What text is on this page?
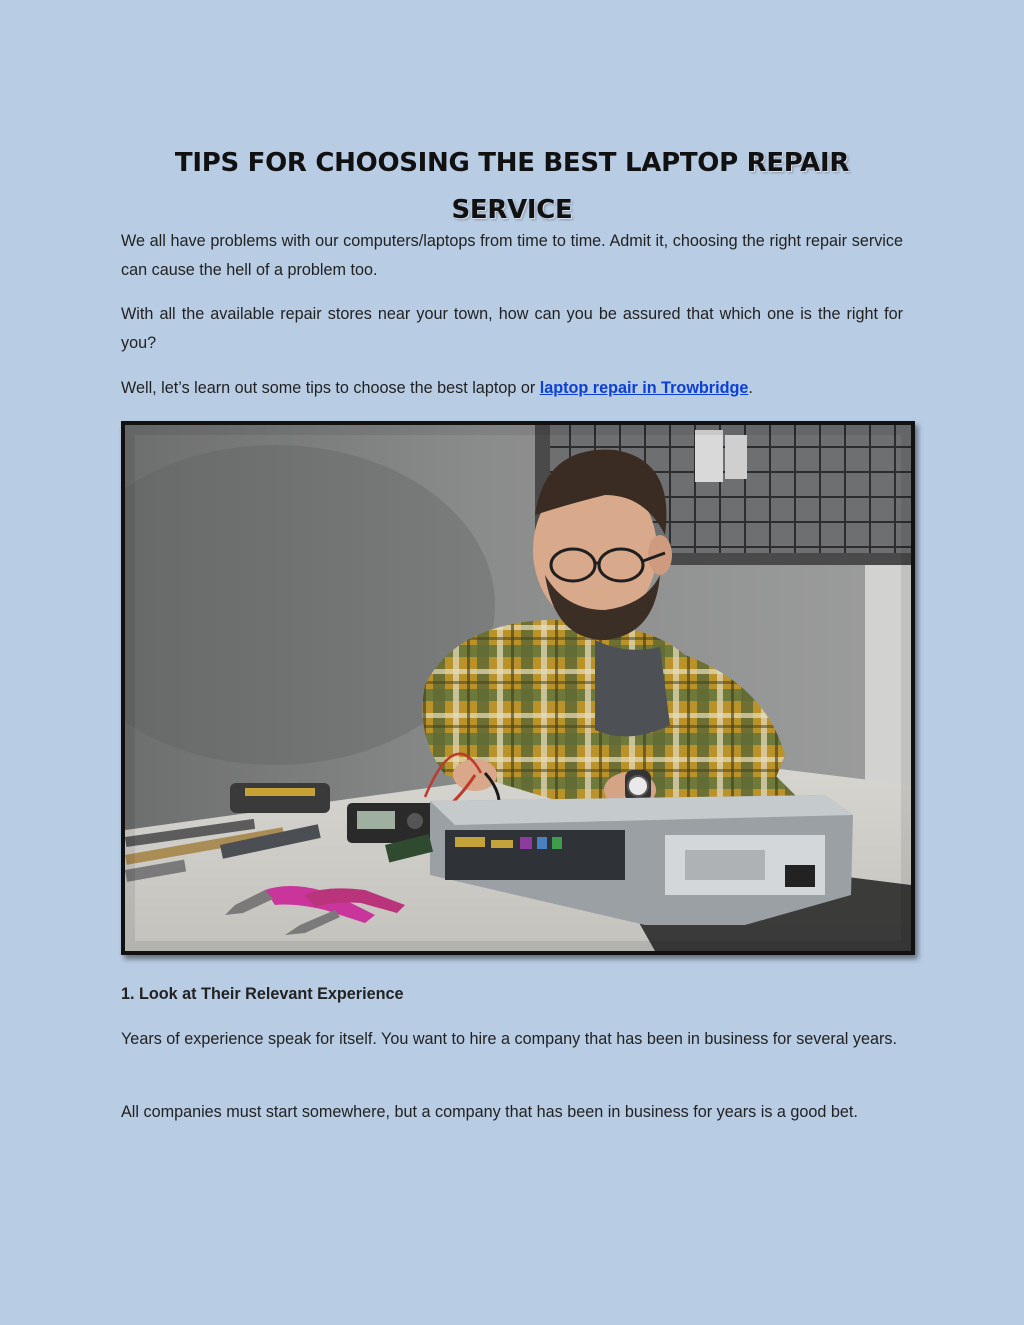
TIPS FOR CHOOSING THE BEST LAPTOP REPAIR
SERVICE

We all have problems with our computers/laptops from time to time. Admit it, choosing the right repair service can cause the hell of a problem too.

With all the available repair stores near your town, how can you be assured that which one is the right for you?

Well, let’s learn out some tips to choose the best laptop or laptop repair in Trowbridge.

1. Look at Their Relevant Experience

Years of experience speak for itself. You want to hire a company that has been in business for several years.

All companies must start somewhere, but a company that has been in business for years is a good bet.
